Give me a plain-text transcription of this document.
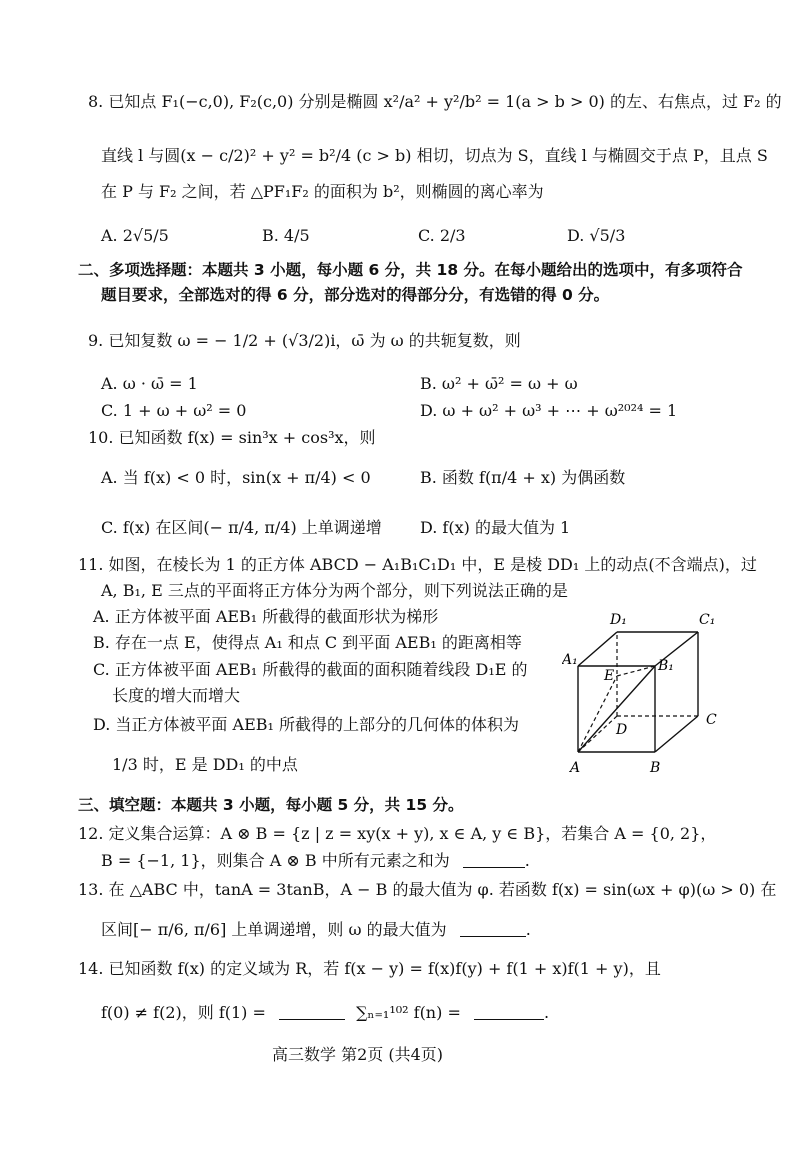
8. 已知点 F₁(−c,0), F₂(c,0) 分别是椭圆 x²/a² + y²/b² = 1(a > b > 0) 的左、右焦点，过 F₂ 的
直线 l 与圆(x − c/2)² + y² = b²/4 (c > b) 相切，切点为 S，直线 l 与椭圆交于点 P，且点 S
在 P 与 F₂ 之间，若 △PF₁F₂ 的面积为 b²，则椭圆的离心率为
A. 2√5/5	B. 4/5	C. 2/3	D. √5/3
二、多项选择题：本题共 3 小题，每小题 6 分，共 18 分。在每小题给出的选项中，有多项符合
题目要求，全部选对的得 6 分，部分选对的得部分分，有选错的得 0 分。
9. 已知复数 ω = − 1/2 + (√3/2)i，ω̄ 为 ω 的共轭复数，则
A. ω · ω̄ = 1	B. ω² + ω̄² = ω + ω
C. 1 + ω + ω² = 0	D. ω + ω² + ω³ + ⋯ + ω²⁰²⁴ = 1
10. 已知函数 f(x) = sin³x + cos³x，则
A. 当 f(x) < 0 时，sin(x + π/4) < 0	B. 函数 f(π/4 + x) 为偶函数
C. f(x) 在区间(− π/4, π/4) 上单调递增 D. f(x) 的最大值为 1
11. 如图，在棱长为 1 的正方体 ABCD − A₁B₁C₁D₁ 中，E 是棱 DD₁ 上的动点(不含端点)，过
A, B₁, E 三点的平面将正方体分为两个部分，则下列说法正确的是
A. 正方体被平面 AEB₁ 所截得的截面形状为梯形
B. 存在一点 E，使得点 A₁ 和点 C 到平面 AEB₁ 的距离相等
C. 正方体被平面 AEB₁ 所截得的截面的面积随着线段 D₁E 的
长度的增大而增大
D. 当正方体被平面 AEB₁ 所截得的上部分的几何体的体积为
1/3 时，E 是 DD₁ 的中点
D₁	C₁
A₁	B₁
E
D
C
A	B
三、填空题：本题共 3 小题，每小题 5 分，共 15 分。
12. 定义集合运算：A ⊗ B = {z | z = xy(x + y), x ∈ A, y ∈ B}，若集合 A = {0, 2}，
B = {−1, 1}，则集合 A ⊗ B 中所有元素之和为	.
13. 在 △ABC 中，tanA = 3tanB，A − B 的最大值为 φ. 若函数 f(x) = sin(ωx + φ)(ω > 0) 在
区间[− π/6, π/6] 上单调递增，则 ω 的最大值为	.
14. 已知函数 f(x) 的定义域为 R，若 f(x − y) = f(x)f(y) + f(1 + x)f(1 + y)，且
f(0) ≠ f(2)，则 f(1) =	∑ₙ₌₁¹⁰² f(n) =	.
高三数学 第2页 (共4页)
